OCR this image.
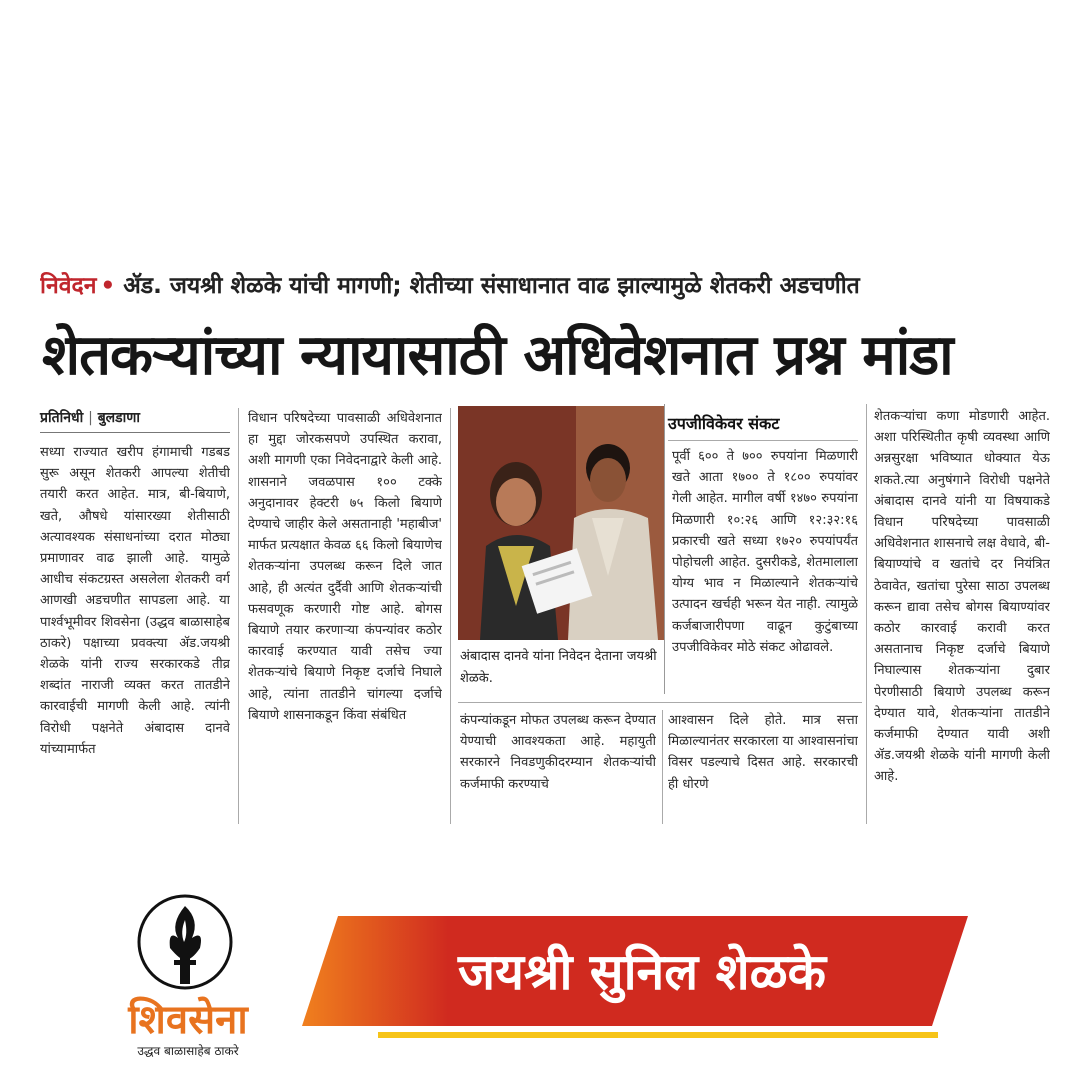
निवेदन • ॲड. जयश्री शेळके यांची मागणी; शेतीच्या संसाधानात वाढ झाल्यामुळे शेतकरी अडचणीत
शेतकऱ्यांच्या न्यायासाठी अधिवेशनात प्रश्न मांडा
प्रतिनिधी | बुलडाणा
सध्या राज्यात खरीप हंगामाची गडबड सुरू असून शेतकरी आपल्या शेतीची तयारी करत आहेत. मात्र, बी-बियाणे, खते, औषधे यांसारख्या शेतीसाठी अत्यावश्यक संसाधनांच्या दरात मोठ्या प्रमाणावर वाढ झाली आहे. यामुळे आधीच संकटग्रस्त असलेला शेतकरी वर्ग आणखी अडचणीत सापडला आहे. या पार्श्वभूमीवर शिवसेना (उद्धव बाळासाहेब ठाकरे) पक्षाच्या प्रवक्त्या ॲड.जयश्री शेळके यांनी राज्य सरकारकडे तीव्र शब्दांत नाराजी व्यक्त करत तातडीने कारवाईची मागणी केली आहे. त्यांनी विरोधी पक्षनेते अंबादास दानवे यांच्यामार्फत
विधान परिषदेच्या पावसाळी अधिवेशनात हा मुद्दा जोरकसपणे उपस्थित करावा, अशी मागणी एका निवेदनाद्वारे केली आहे. शासनाने जवळपास १०० टक्के अनुदानावर हेक्टरी ७५ किलो बियाणे देण्याचे जाहीर केले असतानाही 'महाबीज' मार्फत प्रत्यक्षात केवळ ६६ किलो बियाणेच शेतकऱ्यांना उपलब्ध करून दिले जात आहे, ही अत्यंत दुर्दैवी आणि शेतकऱ्यांची फसवणूक करणारी गोष्ट आहे. बोगस बियाणे तयार करणाऱ्या कंपन्यांवर कठोर कारवाई करण्यात यावी तसेच ज्या शेतकऱ्यांचे बियाणे निकृष्ट दर्जाचे निघाले आहे, त्यांना तातडीने चांगल्या दर्जाचे बियाणे शासनाकडून किंवा संबंधित
अंबादास दानवे यांना निवेदन देताना जयश्री शेळके.
उपजीविकेवर संकट
पूर्वी ६०० ते ७०० रुपयांना मिळणारी खते आता १७०० ते १८०० रुपयांवर गेली आहेत. मागील वर्षी १४७० रुपयांना मिळणारी १०:२६ आणि १२:३२:१६ प्रकारची खते सध्या १७२० रुपयांपर्यंत पोहोचली आहेत. दुसरीकडे, शेतमालाला योग्य भाव न मिळाल्याने शेतकऱ्यांचे उत्पादन खर्चही भरून येत नाही. त्यामुळे कर्जबाजारीपणा वाढून कुटुंबाच्या उपजीविकेवर मोठे संकट ओढावले.
कंपन्यांकडून मोफत उपलब्ध करून देण्यात येण्याची आवश्यकता आहे. महायुती सरकारने निवडणुकीदरम्यान शेतकऱ्यांची कर्जमाफी करण्याचे
आश्वासन दिले होते. मात्र सत्ता मिळाल्यानंतर सरकारला या आश्वासनांचा विसर पडल्याचे दिसत आहे. सरकारची ही धोरणे
शेतकऱ्यांचा कणा मोडणारी आहेत. अशा परिस्थितीत कृषी व्यवस्था आणि अन्नसुरक्षा भविष्यात धोक्यात येऊ शकते.त्या अनुषंगाने विरोधी पक्षनेते अंबादास दानवे यांनी या विषयाकडे विधान परिषदेच्या पावसाळी अधिवेशनात शासनाचे लक्ष वेधावे, बी-बियाण्यांचे व खतांचे दर नियंत्रित ठेवावेत, खतांचा पुरेसा साठा उपलब्ध करून द्यावा तसेच बोगस बियाण्यांवर कठोर कारवाई करावी करत असतानाच निकृष्ट दर्जाचे बियाणे निघाल्यास शेतकऱ्यांना दुबार पेरणीसाठी बियाणे उपलब्ध करून देण्यात यावे, शेतकऱ्यांना तातडीने कर्जमाफी देण्यात यावी अशी ॲड.जयश्री शेळके यांनी मागणी केली आहे.
शिवसेना
उद्धव बाळासाहेब ठाकरे
जयश्री सुनिल शेळके
